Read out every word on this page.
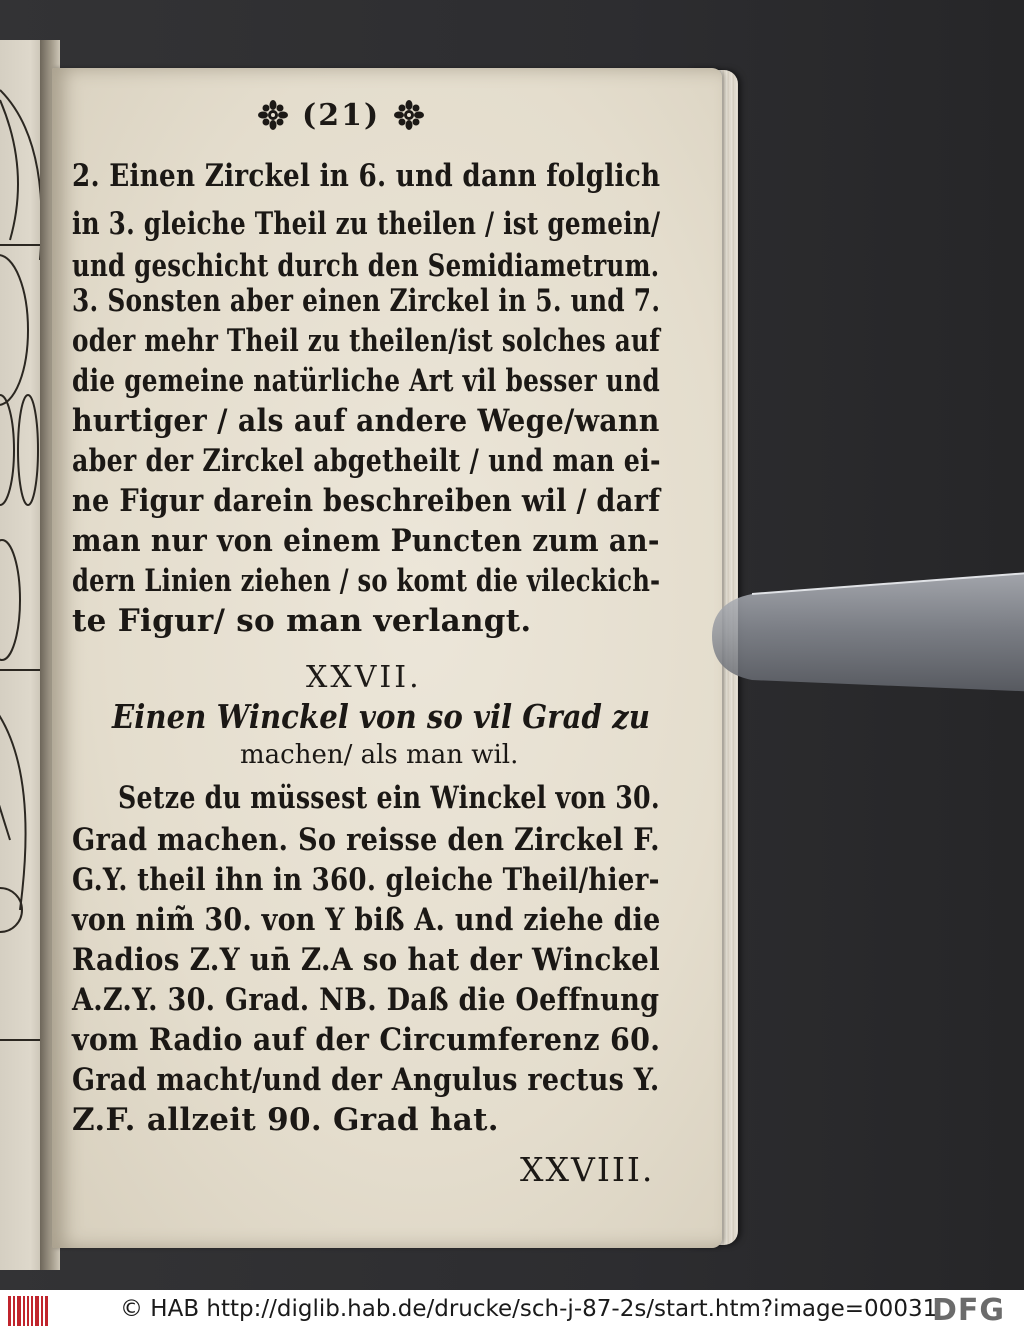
(21)
2. Einen Zirckel in 6. und dann folglich
in 3. gleiche Theil zu theilen / ist gemein/
und geschicht durch den Semidiametrum.
3. Sonsten aber einen Zirckel in 5. und 7.
oder mehr Theil zu theilen/ist solches auf
die gemeine natürliche Art vil besser und
hurtiger / als auf andere Wege/wann
aber der Zirckel abgetheilt / und man ei-
ne Figur darein beschreiben wil / darf
man nur von einem Puncten zum an-
dern Linien ziehen / so komt die vileckich-
te Figur/ so man verlangt.
XXVII.
Einen Winckel von so vil Grad zu
machen/ als man wil.
Setze du müssest ein Winckel von 30.
Grad machen. So reisse den Zirckel F.
G.Y. theil ihn in 360. gleiche Theil/hier-
von nim̃ 30. von Y biß A. und ziehe die
Radios Z.Y un̄ Z.A so hat der Winckel
A.Z.Y. 30. Grad. NB. Daß die Oeffnung
vom Radio auf der Circumferenz 60.
Grad macht/und der Angulus rectus Y.
Z.F. allzeit 90. Grad hat.
XXVIII.
© HAB http://diglib.hab.de/drucke/sch-j-87-2s/start.htm?image=00031
DFG
